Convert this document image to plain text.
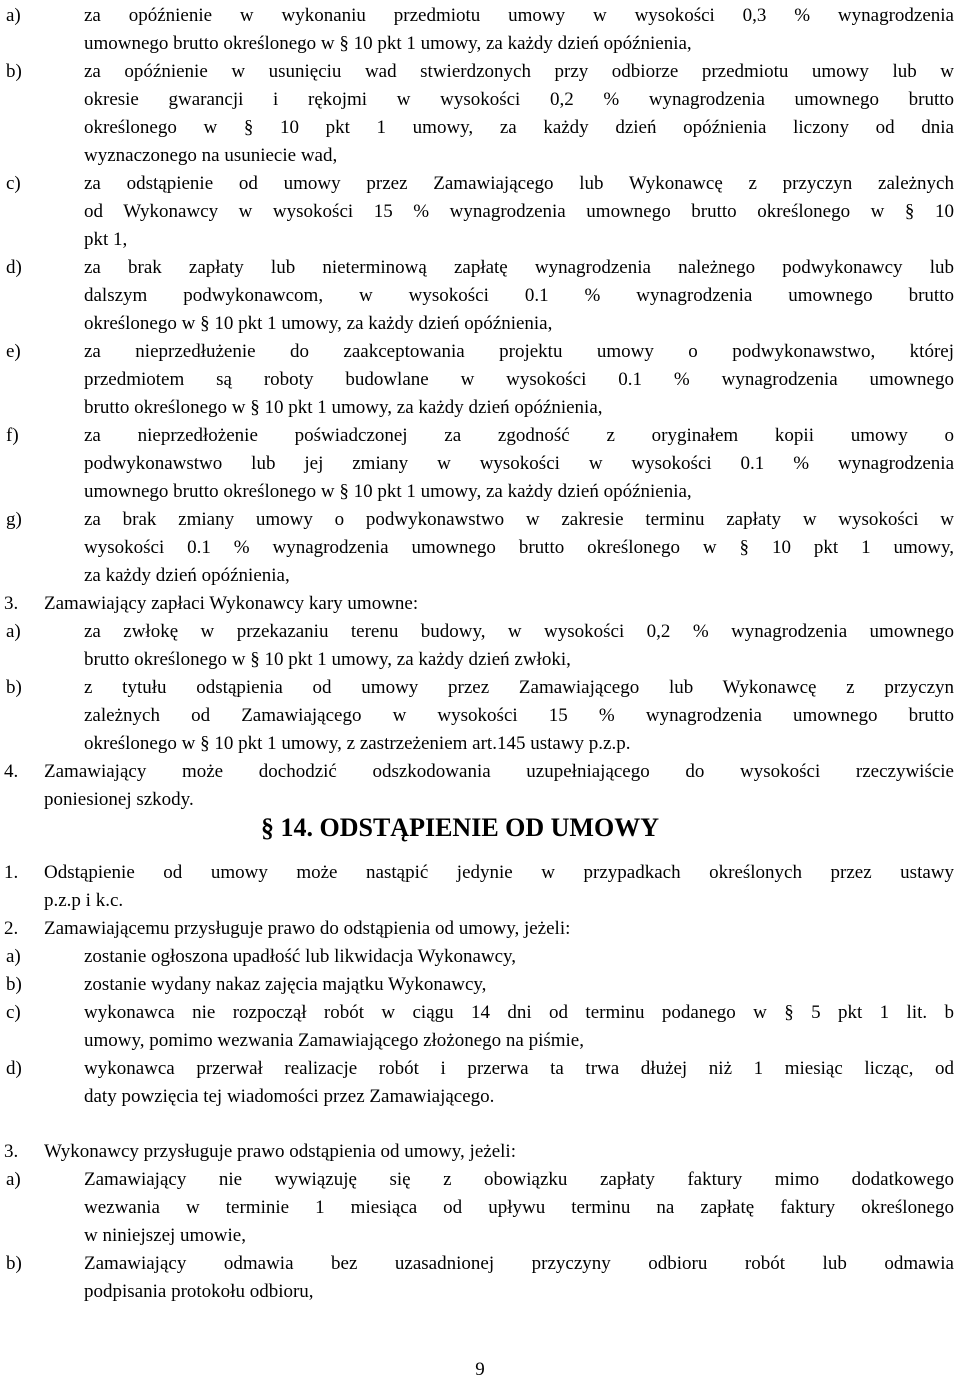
a)	za opóźnienie w wykonaniu przedmiotu umowy w wysokości 0,3 % wynagrodzenia
umownego brutto określonego w § 10 pkt 1 umowy, za każdy dzień opóźnienia,
b)	za opóźnienie w usunięciu wad stwierdzonych przy odbiorze przedmiotu umowy lub w
okresie gwarancji i rękojmi w wysokości 0,2 % wynagrodzenia umownego brutto
określonego w § 10 pkt 1 umowy, za każdy dzień opóźnienia liczony od dnia
wyznaczonego na usuniecie wad,
c)	za odstąpienie od umowy przez Zamawiającego lub Wykonawcę z przyczyn zależnych
od Wykonawcy w wysokości 15 % wynagrodzenia umownego brutto określonego w § 10
pkt 1,
d)	za brak zapłaty lub nieterminową zapłatę wynagrodzenia należnego podwykonawcy lub
dalszym podwykonawcom, w wysokości 0.1 % wynagrodzenia umownego brutto
określonego w § 10 pkt 1 umowy, za każdy dzień opóźnienia,
e)	za nieprzedłużenie do zaakceptowania projektu umowy o podwykonawstwo, której
przedmiotem są roboty budowlane w wysokości 0.1 % wynagrodzenia umownego
brutto określonego w § 10 pkt 1 umowy, za każdy dzień opóźnienia,
f)	za nieprzedłożenie poświadczonej za zgodność z oryginałem kopii umowy o
podwykonawstwo lub jej zmiany w wysokości w wysokości 0.1 % wynagrodzenia
umownego brutto określonego w § 10 pkt 1 umowy, za każdy dzień opóźnienia,
g)	za brak zmiany umowy o podwykonawstwo w zakresie terminu zapłaty w wysokości w
wysokości 0.1 % wynagrodzenia umownego brutto określonego w § 10 pkt 1 umowy,
za każdy dzień opóźnienia,
3. Zamawiający zapłaci Wykonawcy kary umowne:
a)	za zwłokę w przekazaniu terenu budowy, w wysokości 0,2 % wynagrodzenia umownego
brutto określonego w § 10 pkt 1 umowy, za każdy dzień zwłoki,
b)	z tytułu odstąpienia od umowy przez Zamawiającego lub Wykonawcę z przyczyn
zależnych od Zamawiającego w wysokości 15 % wynagrodzenia umownego brutto
określonego w § 10 pkt 1 umowy, z zastrzeżeniem art.145 ustawy p.z.p.
4. Zamawiający może dochodzić odszkodowania uzupełniającego do wysokości rzeczywiście
poniesionej szkody.
§ 14. ODSTĄPIENIE OD UMOWY
1. Odstąpienie od umowy może nastąpić jedynie w przypadkach określonych przez ustawy
p.z.p i k.c.
2. Zamawiającemu przysługuje prawo do odstąpienia od umowy, jeżeli:
a)	zostanie ogłoszona upadłość lub likwidacja Wykonawcy,
b)	zostanie wydany nakaz zajęcia majątku Wykonawcy,
c)	wykonawca nie rozpoczął robót w ciągu 14 dni od terminu podanego w § 5 pkt 1 lit. b
umowy, pomimo wezwania Zamawiającego złożonego na piśmie,
d)	wykonawca przerwał realizacje robót i przerwa ta trwa dłużej niż 1 miesiąc licząc, od
daty powzięcia tej wiadomości przez Zamawiającego.
3. Wykonawcy przysługuje prawo odstąpienia od umowy, jeżeli:
a)	Zamawiający nie wywiązuję się z obowiązku zapłaty faktury mimo dodatkowego
wezwania w terminie 1 miesiąca od upływu terminu na zapłatę faktury określonego
w niniejszej umowie,
b)	Zamawiający odmawia bez uzasadnionej przyczyny odbioru robót lub odmawia
podpisania protokołu odbioru,
9
